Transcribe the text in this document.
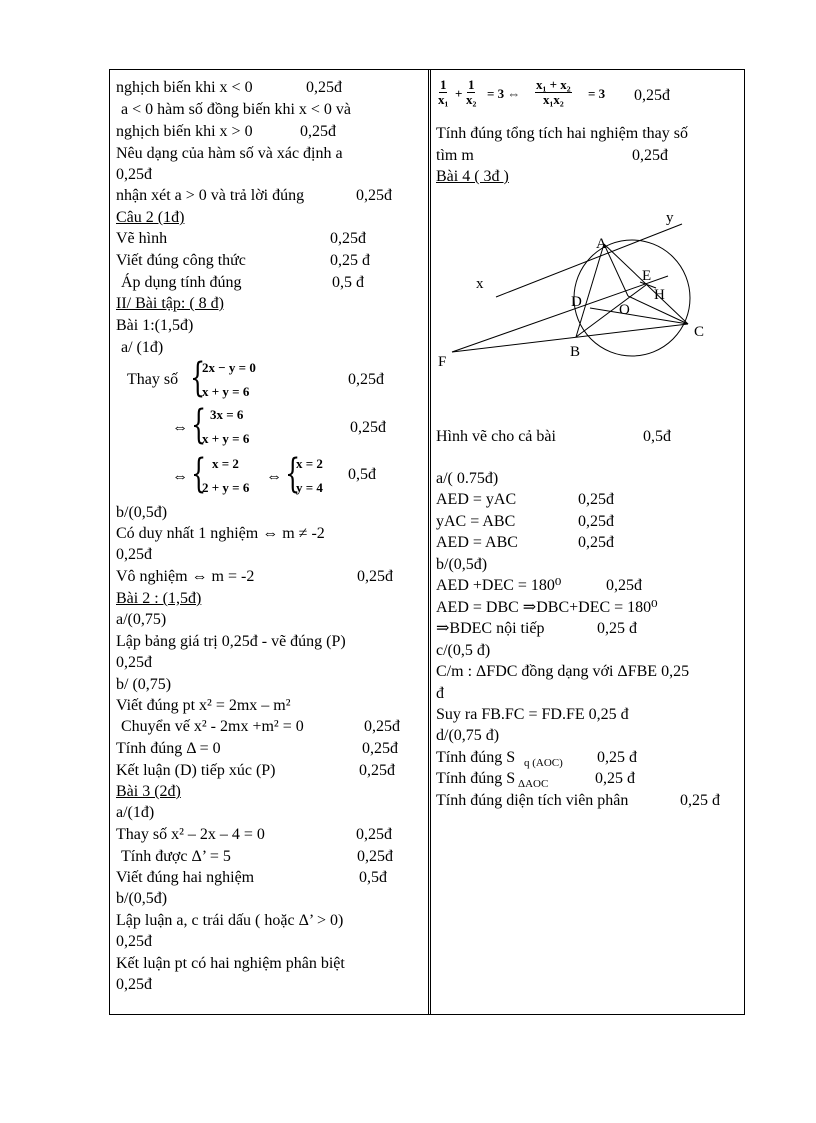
nghịch biến khi x < 0	0,25đ
a < 0 hàm số đồng biến khi x < 0 và
nghịch biến khi x > 0	0,25đ
Nêu dạng của hàm số và xác định a
0,25đ
nhận xét a > 0 và trả lời đúng	0,25đ
Câu 2 (1đ)
Vẽ hình	0,25đ
Viết đúng công thức	0,25 đ
Áp dụng tính đúng	0,5 đ
II/ Bài tập: ( 8 đ)
Bài 1:(1,5đ)
a/ (1đ)
Thay số {
2x − y = 0
x + y = 6
0,25đ
⇔ { 3x = 6
x + y = 6
0,25đ
⇔ { x = 2
2 + y = 6
⇔ {
x = 2
y = 4
0,5đ
b/(0,5đ)
Có duy nhất 1 nghiệm ⇔ m ≠ -2
0,25đ
Vô nghiệm ⇔ m = -2	0,25đ
Bài 2 : (1,5đ)
a/(0,75)
Lập bảng giá trị 0,25đ - vẽ đúng (P)
0,25đ
b/ (0,75)
Viết đúng pt x² = 2mx – m²
Chuyển vế x² - 2mx +m² = 0	0,25đ
Tính đúng Δ = 0	0,25đ
Kết luận (D) tiếp xúc (P)	0,25đ
Bài 3 (2đ)
a/(1đ)
Thay số x² – 2x – 4 = 0	0,25đ
Tính được Δ’ = 5	0,25đ
Viết đúng hai nghiệm	0,5đ
b/(0,5đ)
Lập luận a, c trái dấu ( hoặc Δ’ > 0)
0,25đ
Kết luận pt có hai nghiệm phân biệt
0,25đ
$\frac{1}{\text{x₁}} + \frac{1}{\text{x₂}} = 3$ ⇔ $\frac{\text{x₁ + x₂}}{\text{x₁x₂}} = 3$ 0,25đ
Tính đúng tổng tích hai nghiệm thay số
tìm m	0,25đ
Bài 4 ( 3đ )
y
A
x	E
H
D O
C
F
B
Hình vẽ cho cả bài	0,5đ
a/( 0.75đ)
AED = yAC	0,25đ
yAC = ABC	0,25đ
AED = ABC	0,25đ
b/(0,5đ)
AED +DEC = 180⁰	0,25đ
AED = DBC ⇒DBC+DEC = 180⁰
⇒BDEC nội tiếp	0,25 đ
c/(0,5 đ)
C/m : ΔFDC đồng dạng với ΔFBE 0,25
đ
Suy ra FB.FC = FD.FE 0,25 đ
d/(0,75 đ)
Tính đúng S q (AOC) 0,25 đ
Tính đúng S ΔAOC	0,25 đ
Tính đúng diện tích viên phân	0,25 đ
